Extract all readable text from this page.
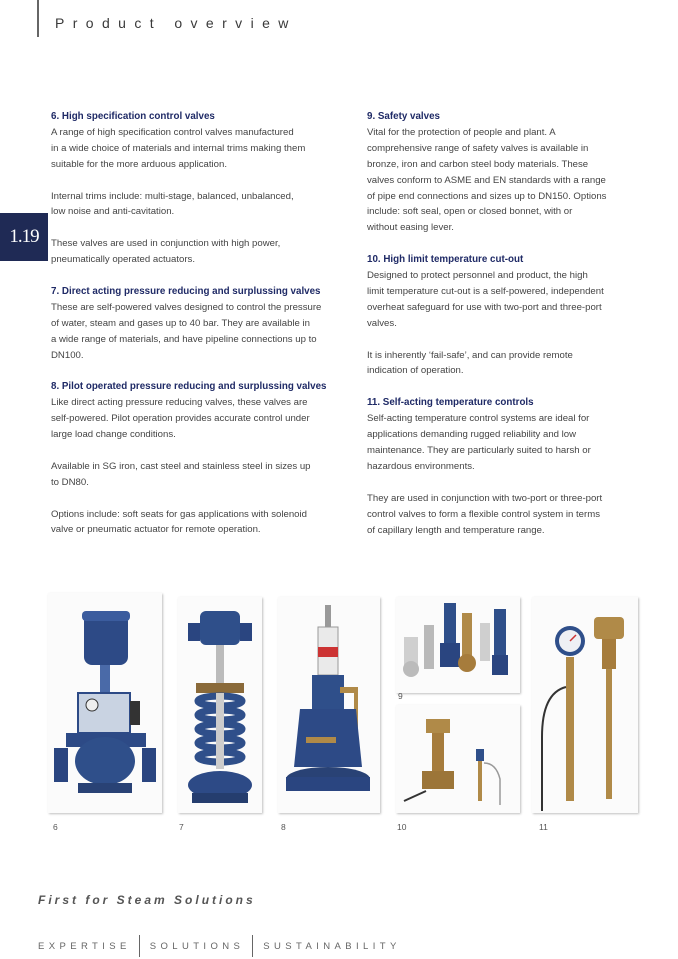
Product overview
1.19
6. High specification control valves
A range of high specification control valves manufactured
in a wide choice of materials and internal trims making them
suitable for the more arduous application.
Internal trims include: multi-stage, balanced, unbalanced,
low noise and anti-cavitation.
These valves are used in conjunction with high power,
pneumatically operated actuators.
7. Direct acting pressure reducing and surplussing valves
These are self-powered valves designed to control the pressure
of water, steam and gases up to 40 bar. They are available in
a wide range of materials, and have pipeline connections up to
DN100.
8. Pilot operated pressure reducing and surplussing valves
Like direct acting pressure reducing valves, these valves are
self-powered. Pilot operation provides accurate control under
large load change conditions.
Available in SG iron, cast steel and stainless steel in sizes up
to DN80.
Options include: soft seats for gas applications with solenoid
valve or pneumatic actuator for remote operation.
9. Safety valves
Vital for the protection of people and plant. A
comprehensive range of safety valves is available in
bronze, iron and carbon steel body materials. These
valves conform to ASME and EN standards with a range
of pipe end connections and sizes up to DN150. Options
include: soft seal, open or closed bonnet, with or
without easing lever.
10. High limit temperature cut-out
Designed to protect personnel and product, the high
limit temperature cut-out is a self-powered, independent
overheat safeguard for use with two-port and three-port
valves.
It is inherently ‘fail-safe’, and can provide remote
indication of operation.
11. Self-acting temperature controls
Self-acting temperature control systems are ideal for
applications demanding rugged reliability and low
maintenance. They are particularly suited to harsh or
hazardous environments.
They are used in conjunction with two-port or three-port
control valves to form a flexible control system in terms
of capillary length and temperature range.
6	7	8
9
10	11
First for Steam Solutions
EXPERTISE SOLUTIONS SUSTAINABILITY
